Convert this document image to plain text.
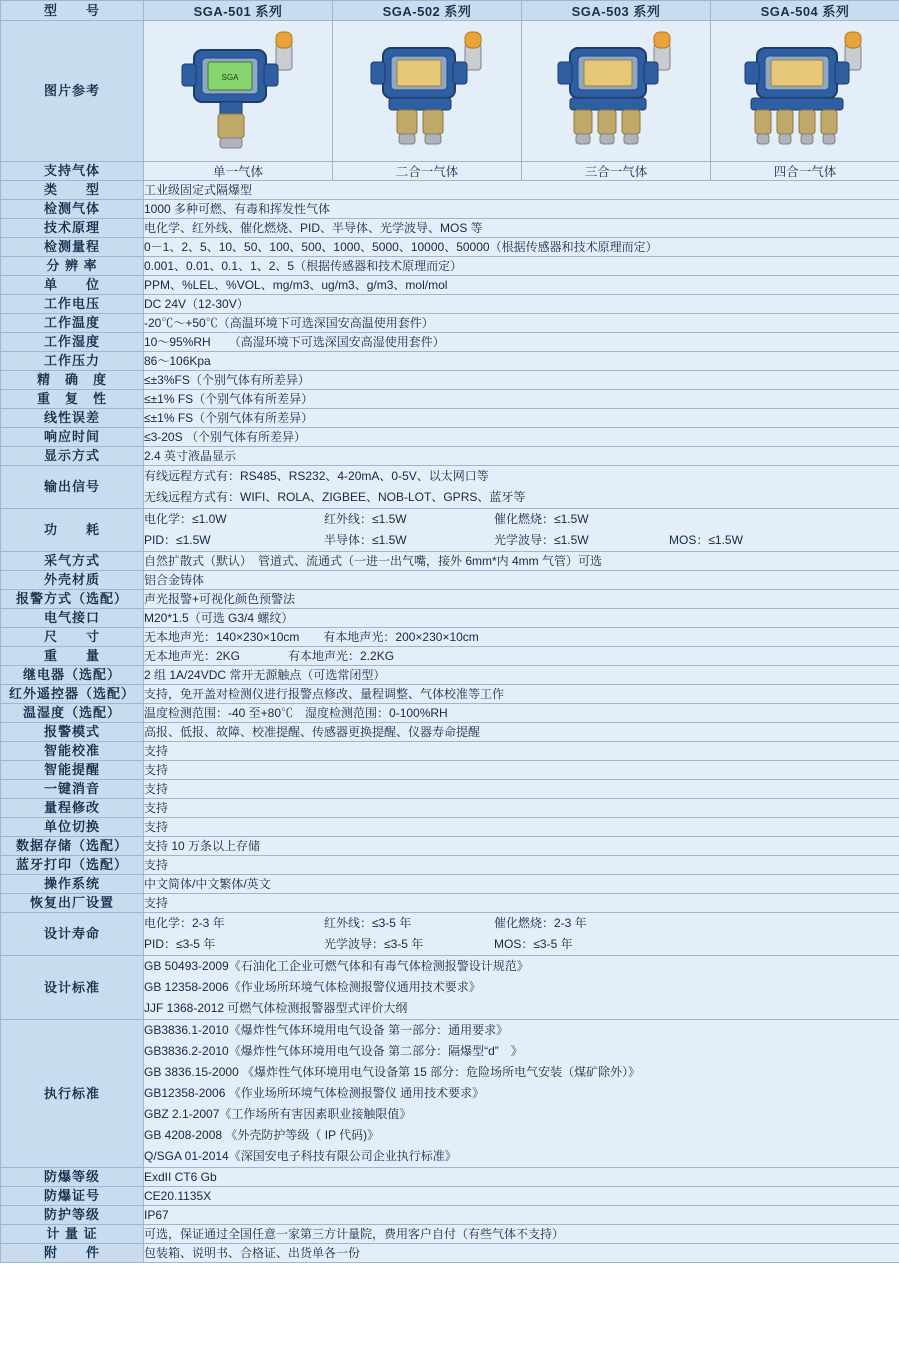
型　　号	SGA-501 系列	SGA-502 系列	SGA-503 系列	SGA-504 系列
图片参考	SGA

支持气体	单一气体	二合一气体	三合一气体	四合一气体
类　　型	工业级固定式隔爆型			
检测气体	1000 多种可燃、有毒和挥发性气体			
技术原理	电化学、红外线、催化燃烧、PID、半导体、光学波导、MOS 等			
检测量程	0－1、2、5、10、50、100、500、1000、5000、10000、50000（根据传感器和技术原理而定）			
分 辨 率	0.001、0.01、0.1、1、2、5（根据传感器和技术原理而定）			
单　　位	PPM、%LEL、%VOL、mg/m3、ug/m3、g/m3、mol/mol			
工作电压	DC 24V（12-30V）			
工作温度	-20℃～+50℃（高温环境下可选深国安高温使用套件）			
工作湿度	10～95%RH　　（高湿环境下可选深国安高湿使用套件）			
工作压力	86～106Kpa			
精　确　度	≤±3%FS（个别气体有所差异）			
重　复　性	≤±1% FS（个别气体有所差异）			
线性误差	≤±1% FS（个别气体有所差异）			
响应时间	≤3-20S （个别气体有所差异）			
显示方式	2.4 英寸液晶显示			
输出信号	有线远程方式有：RS485、RS232、4-20mA、0-5V、以太网口等
无线远程方式有：WIFI、ROLA、ZIGBEE、NOB-LOT、GPRS、蓝牙等			

功　　耗	
电化学：≤1.0W	红外线：≤1.5W	催化燃烧：≤1.5W
PID：≤1.5W	半导体：≤1.5W	光学波导：≤1.5W	MOS：≤1.5W

采气方式	自然扩散式（默认）　管道式、流通式（一进一出气嘴，接外 6mm*内 4mm 气管）可选			
外壳材质	铝合金铸体			
报警方式（选配）	声光报警+可视化颜色预警法			
电气接口	M20*1.5（可选 G3/4 螺纹）			
尺　　寸	无本地声光：140×230×10cm　　有本地声光：200×230×10cm			
重　　量	无本地声光：2KG　　　　有本地声光：2.2KG			
继电器（选配）	2 组 1A/24VDC 常开无源触点（可选常闭型）			
红外遥控器（选配）	支持，免开盖对检测仪进行报警点修改、量程调整、气体校准等工作			
温湿度（选配）	温度检测范围：-40 至+80℃　湿度检测范围：0-100%RH			
报警模式	高报、低报、故障、校准提醒、传感器更换提醒、仪器寿命提醒			
智能校准	支持			
智能提醒	支持			
一键消音	支持			
量程修改	支持			
单位切换	支持			
数据存储（选配）	支持 10 万条以上存储			
蓝牙打印（选配）	支持			
操作系统	中文简体/中文繁体/英文			
恢复出厂设置	支持			
设计寿命	
电化学：2-3 年	红外线：≤3-5 年	催化燃烧：2-3 年
PID：≤3-5 年	光学波导：≤3-5 年	MOS：≤3-5 年

设计标准	GB 50493-2009《石油化工企业可燃气体和有毒气体检测报警设计规范》
GB 12358-2006《作业场所环境气体检测报警仪通用技术要求》
JJF 1368-2012 可燃气体检测报警器型式评价大纲			

执行标准	
GB3836.1-2010《爆炸性气体环境用电气设备 第一部分：通用要求》
GB3836.2-2010《爆炸性气体环境用电气设备 第二部分：隔爆型“d”　》
GB 3836.15-2000 《爆炸性气体环境用电气设备第 15 部分：危险场所电气安装（煤矿除外）》
GB12358-2006 《作业场所环境气体检测报警仪 通用技术要求》
GBZ 2.1-2007《工作场所有害因素职业接触限值》
GB 4208-2008 《外壳防护等级（ IP 代码)》
Q/SGA 01-2014《深国安电子科技有限公司企业执行标准》

防爆等级	ExdII CT6 Gb			
防爆证号	CE20.1135X			
防护等级	IP67			
计 量 证	可选，保证通过全国任意一家第三方计量院，费用客户自付（有些气体不支持）			
附　　件	包装箱、说明书、合格证、出货单各一份			
